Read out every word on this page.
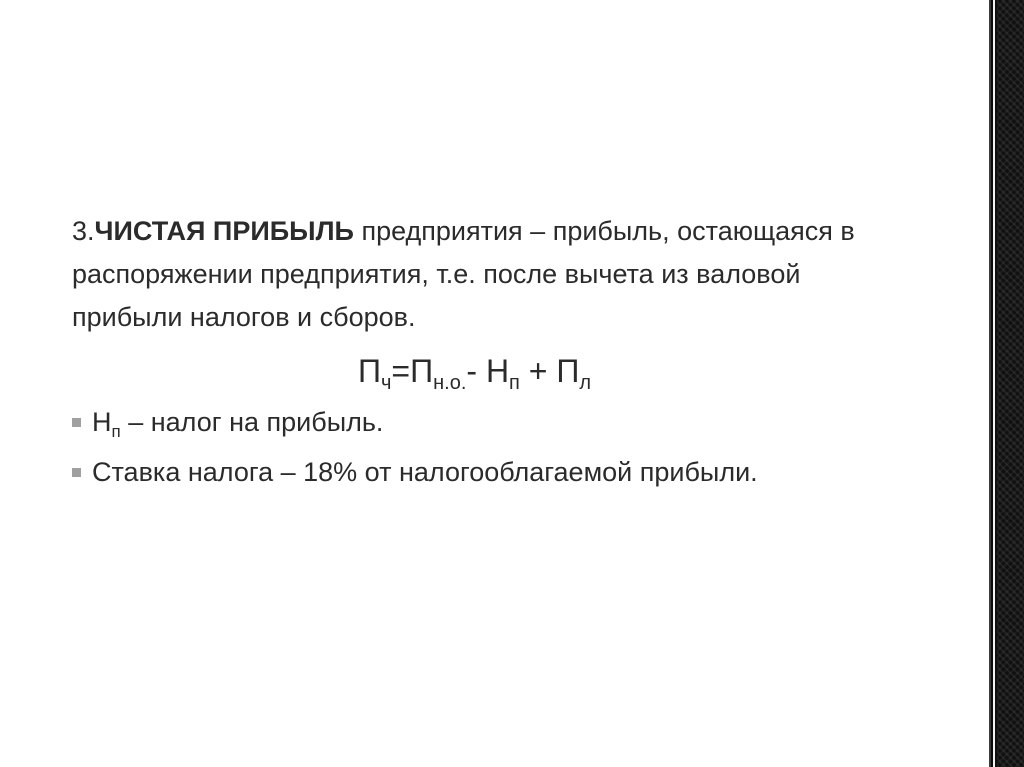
3.ЧИСТАЯ ПРИБЫЛЬ предприятия – прибыль, остающаяся в
распоряжении предприятия, т.е. после вычета из валовой
прибыли налогов и сборов.

$П_ч=П_{н.о.}-$ $Н_п + П_л$
$Н_п$ – налог на прибыль.
Ставка налога – 18% от налогооблагаемой прибыли.
